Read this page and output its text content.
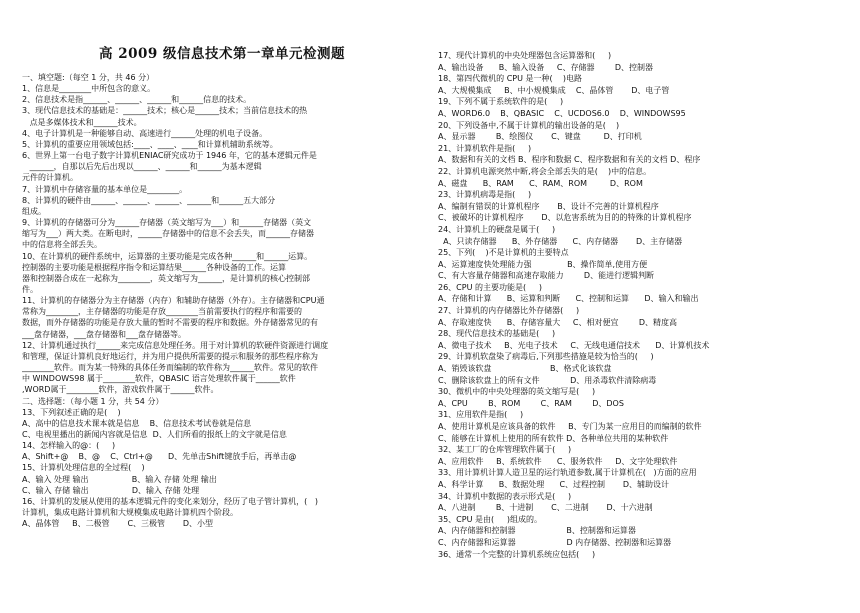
高 2009 级信息技术第一章单元检测题
一、填空题:（每空 1 分，共 46 分）
1、信息是________中所包含的意义。
2、信息技术是指______、______、______和______信息的技术。
3、现代信息技术的基础是：______技术；核心是______技术；当前信息技术的热
点是多媒体技术和______技术。
4、电子计算机是一种能够自动、高速进行______处理的机电子设备。
5、计算机的重要应用领域包括:____、____、____和计算机辅助系统等。
6、世界上第一台电子数字计算机ENIAC研究成功于 1946 年，它的基本逻辑元件是
______，自那以后先后出现以______、______和______为基本逻辑
元件的计算机。
7、计算机中存储容量的基本单位是________。
8、计算机的硬件由______、______、______、______和______五大部分
组成。
9、计算机的存储器可分为______存储器（英文缩写为___）和______存储器（英文
缩写为___）两大类。在断电时，______存储器中的信息不会丢失，而______存储器
中的信息将全部丢失。
10、在计算机的硬件系统中，运算器的主要功能是完成各种______和______运算。
控制器的主要功能是根据程序指令和运算结果______各种设备的工作。运算
器和控制器合成在一起称为________，英文缩写为______，是计算机的核心控制部
件。
11、计算机的存储器分为主存储器（内存）和辅助存储器（外存）。主存储器和CPU通
常称为________，主存储器的功能是存放________当前需要执行的程序和需要的
数据，而外存储器的功能是存放大量的暂时不需要的程序和数据。外存储器常见的有
___盘存储器，___盘存储器和___盘存储器等。
12、计算机通过执行______来完成信息处理任务。用于对计算机的软硬件资源进行调度
和管理，保证计算机良好地运行，并为用户提供所需要的提示和服务的那些程序称为
________软件。而为某一特殊的具体任务而编制的软件称为______软件。常见的软件
中 WINDOWS98 属于________软件，QBASIC 语言处理软件属于______软件
,WORD属于________软件，游戏软件属于______软件。
二、选择题：（每小题 1 分，共 54 分）
13、下列叙述正确的是(    )
A、高中的信息技术课本就是信息    B、信息技术考试卷就是信息
C、电视里播出的新闻内容就是信息  D、人们所看的报纸上的文字就是信息
14、怎样输入的@：(     )
A、Shift+@    B、@    C、Ctrl+@      D、先单击Shift键放手后，再单击@
15、计算机处理信息的全过程(    )
A、输入 处理 输出                 B、输入 存储 处理 输出
C、输入 存储 输出                 D、输入 存储 处理
16、计算机的发展从使用的基本逻辑元件的变化来划分，经历了电子管计算机，(   )
计算机，集成电路计算机和大规模集成电路计算机四个阶段。
A、晶体管     B、二极管       C、三极管       D、小型
17、现代计算机的中央处理器包含运算器和(     )
A、输出设备      B、输入设备     C、存储器        D、控制器
18、第四代微机的 CPU 是一种(    )电路
A、大规模集成     B、中小规模集成    C、晶体管       D、电子管
19、下列不属于系统软件的是(     )
A、WORD6.0    B、QBASIC    C、UCDOS6.0    D、WINDOWS95
20、下列设备中,不属于计算机的输出设备的是(    )
A、显示器        B、绘图仪       C、键盘         D、打印机
21、计算机软件是指(     )
A、数据和有关的文档 B、程序和数据 C、程序数据和有关的文档 D、程序
22、计算机电源突然中断,将会全部丢失的是(    )中的信息。
A、磁盘      B、RAM      C、RAM、ROM         D、ROM
23、计算机病毒是指(     )
A、编制有错误的计算机程序       B、设计不完善的计算机程序
C、被破坏的计算机程序       D、以危害系统为目的的特殊的计算机程序
24、计算机上的硬盘是属于(     )
A、只读存储器      B、外存储器      C、内存储器       D、主存储器
25、下列(    )不是计算机的主要特点
A、运算速度快处理能力强              B、操作简单,使用方便
C、有大容量存储器和高速存取能力        D、能进行逻辑判断
26、CPU 的主要功能是(     )
A、存储和计算      B、运算和判断      C、控制和运算      D、输入和输出
27、计算机的内存储器比外存储器(     )
A、存取速度快      B、存储容量大     C、相对便宜        D、精度高
28、现代信息技术的基础是(     )
A、微电子技术     B、光电子技术     C、无线电通信技术      D、计算机技术
29、计算机软盘染了病毒后,下列那些措施是较为恰当的(     )
A、销毁该软盘                       B、格式化该软盘
C、删除该软盘上的所有文件            D、用杀毒软件清除病毒
30、微机中的中央处理器的英文缩写是(     )
A、CPU        B、ROM        C、RAM        D、DOS
31、应用软件是指(     )
A、使用计算机是应该具备的软件     B、专门为某一应用目的而编制的软件
C、能够在计算机上使用的所有软件 D、各种单位共用的某种软件
32、某工厂的仓库管理软件属于(     )
A、应用软件     B、系统软件      C、服务软件     D、文字处理软件
33、用计算机计算人造卫星的运行轨道参数,属于计算机在(   )方面的应用
A、科学计算      B、数据处理      C、过程控制       D、辅助设计
34、计算机中数据的表示形式是(     )
A、八进制        B、十进制       C、二进制       D、十六进制
35、CPU 是由(     )组成的。
A、内存储器和控制器                    B、控制器和运算器
C、内存储器和运算器                    D 内存储器、控制器和运算器
36、通常一个完整的计算机系统应包括(     )
